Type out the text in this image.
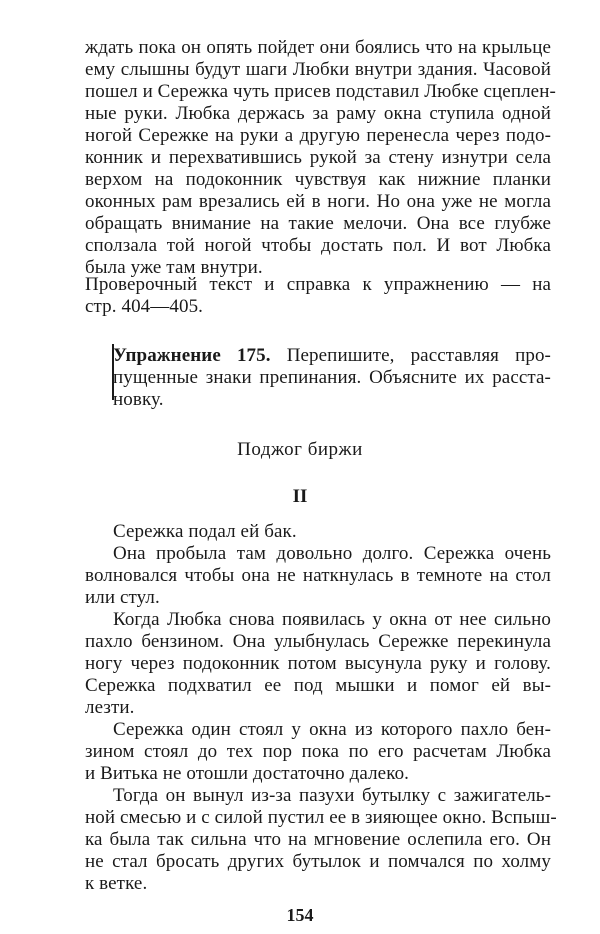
ждать пока он опять пойдет они боялись что на крыльце
ему слышны будут шаги Любки внутри здания. Часовой
пошел и Сережка чуть присев подставил Любке сцеплен-
ные руки. Любка держась за раму окна ступила одной
ногой Сережке на руки а другую перенесла через подо-
конник и перехватившись рукой за стену изнутри села
верхом на подоконник чувствуя как нижние планки
оконных рам врезались ей в ноги. Но она уже не могла
обращать внимание на такие мелочи. Она все глубже
сползала той ногой чтобы достать пол. И вот Любка
была уже там внутри.
Проверочный текст и справка к упражнению — на
стр. 404—405.
Упражнение 175. Перепишите, расставляя про-
пущенные знаки препинания. Объясните их расста-
новку.
Поджог биржи
II
Сережка подал ей бак.
Она пробыла там довольно долго. Сережка очень
волновался чтобы она не наткнулась в темноте на стол
или стул.
Когда Любка снова появилась у окна от нее сильно
пахло бензином. Она улыбнулась Сережке перекинула
ногу через подоконник потом высунула руку и голову.
Сережка подхватил ее под мышки и помог ей вы-
лезти.
Сережка один стоял у окна из которого пахло бен-
зином стоял до тех пор пока по его расчетам Любка
и Витька не отошли достаточно далеко.
Тогда он вынул из-за пазухи бутылку с зажигатель-
ной смесью и с силой пустил ее в зияющее окно. Вспыш-
ка была так сильна что на мгновение ослепила его. Он
не стал бросать других бутылок и помчался по холму
к ветке.
154
